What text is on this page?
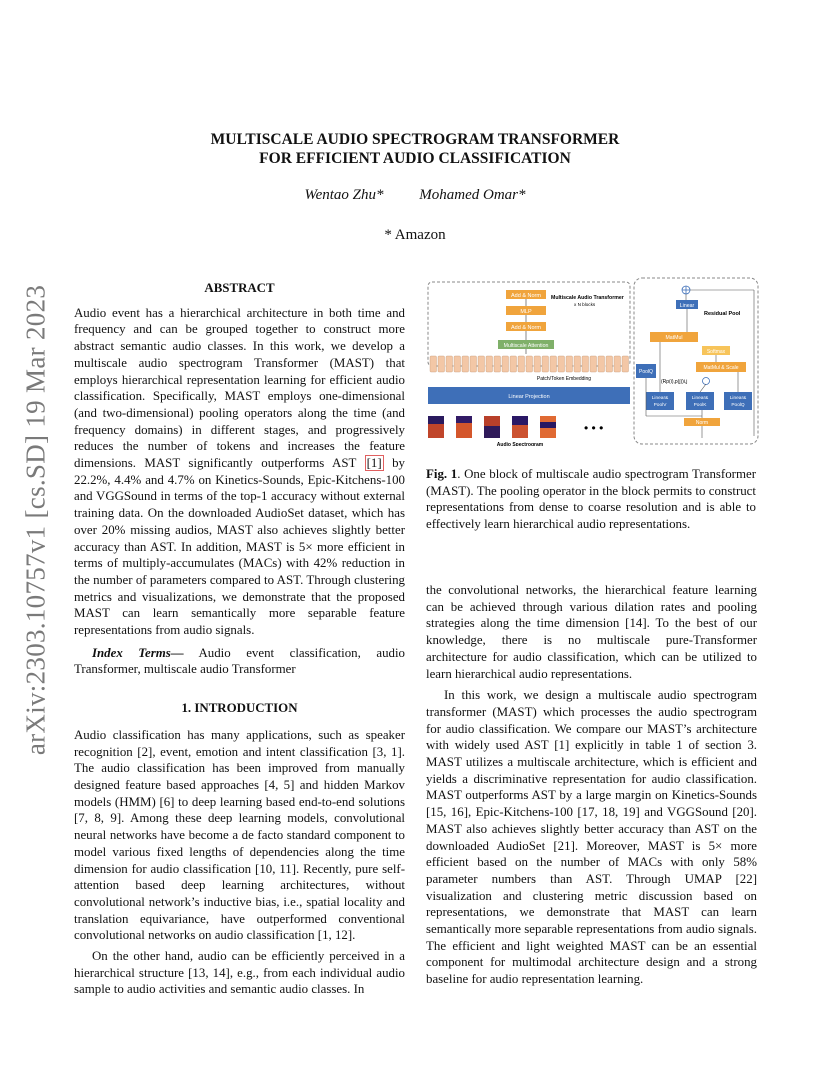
arXiv:2303.10757v1 [cs.SD] 19 Mar 2023
MULTISCALE AUDIO SPECTROGRAM TRANSFORMER
FOR EFFICIENT AUDIO CLASSIFICATION
Wentao Zhu* Mohamed Omar*
* Amazon

ABSTRACT

Audio event has a hierarchical architecture in both time and frequency and can be grouped together to construct more abstract semantic audio classes. In this work, we develop a multiscale audio spectrogram Transformer (MAST) that employs hierarchical representation learning for efficient audio classification. Specifically, MAST employs one-dimensional (and two-dimensional) pooling operators along the time (and frequency domains) in different stages, and progressively reduces the number of tokens and increases the feature dimensions. MAST significantly outperforms AST [1] by 22.2%, 4.4% and 4.7% on Kinetics-Sounds, Epic-Kitchens-100 and VGGSound in terms of the top-1 accuracy without external training data. On the downloaded AudioSet dataset, which has over 20% missing audios, MAST also achieves slightly better accuracy than AST. In addition, MAST is 5× more efficient in terms of multiply-accumulates (MACs) with 42% reduction in the number of parameters compared to AST. Through clustering metrics and visualizations, we demonstrate that the proposed MAST can learn semantically more separable feature representations from audio signals.

Index Terms— Audio event classification, audio Transformer, multiscale audio Transformer

1. INTRODUCTION

Audio classification has many applications, such as speaker recognition [2], event, emotion and intent classification [3, 1]. The audio classification has been improved from manually designed feature based approaches [4, 5] and hidden Markov models (HMM) [6] to deep learning based end-to-end solutions [7, 8, 9]. Among these deep learning models, convolutional neural networks have become a de facto standard component to model various fixed lengths of dependencies along the time dimension for audio classification [10, 11]. Recently, pure self-attention based deep learning architectures, without convolutional network’s inductive bias, i.e., spatial locality and translation equivariance, have outperformed conventional convolutional networks on audio classification [1, 12].

On the other hand, audio can be efficiently perceived in a hierarchical structure [13, 14], e.g., from each individual audio sample to audio activities and semantic audio classes. In

Add & Norm
MLP
Add & Norm
Multiscale Attention
Multiscale Audio Transformer
x N blocks
Patch/Token Embedding
Linear Projection
• • •
Audio Spectrogram
Linear
Residual Pool
MatMul
Softmax
MatMul & Scale
PoolQ
(Rp(i),p(j))i,j
Linear&
PoolV
Linear&
PoolK
Linear&
PoolQ
Norm
Fig. 1. One block of multiscale audio spectrogram Transformer (MAST). The pooling operator in the block permits to construct representations from dense to coarse resolution and is able to effectively learn hierarchical audio representations.

the convolutional networks, the hierarchical feature learning can be achieved through various dilation rates and pooling strategies along the time dimension [14]. To the best of our knowledge, there is no multiscale pure-Transformer architecture for audio classification, which can be utilized to learn hierarchical audio representations.

In this work, we design a multiscale audio spectrogram transformer (MAST) which processes the audio spectrogram for audio classification. We compare our MAST’s architecture with widely used AST [1] explicitly in table 1 of section 3. MAST utilizes a multiscale architecture, which is efficient and yields a discriminative representation for audio classification. MAST outperforms AST by a large margin on Kinetics-Sounds [15, 16], Epic-Kitchens-100 [17, 18, 19] and VGGSound [20]. MAST also achieves slightly better accuracy than AST on the downloaded AudioSet [21]. Moreover, MAST is 5× more efficient based on the number of MACs with only 58% parameter numbers than AST. Through UMAP [22] visualization and clustering metric discussion based on representations, we demonstrate that MAST can learn semantically more separable representations from audio signals. The efficient and light weighted MAST can be an essential component for multimodal architecture design and a strong baseline for audio representation learning.
